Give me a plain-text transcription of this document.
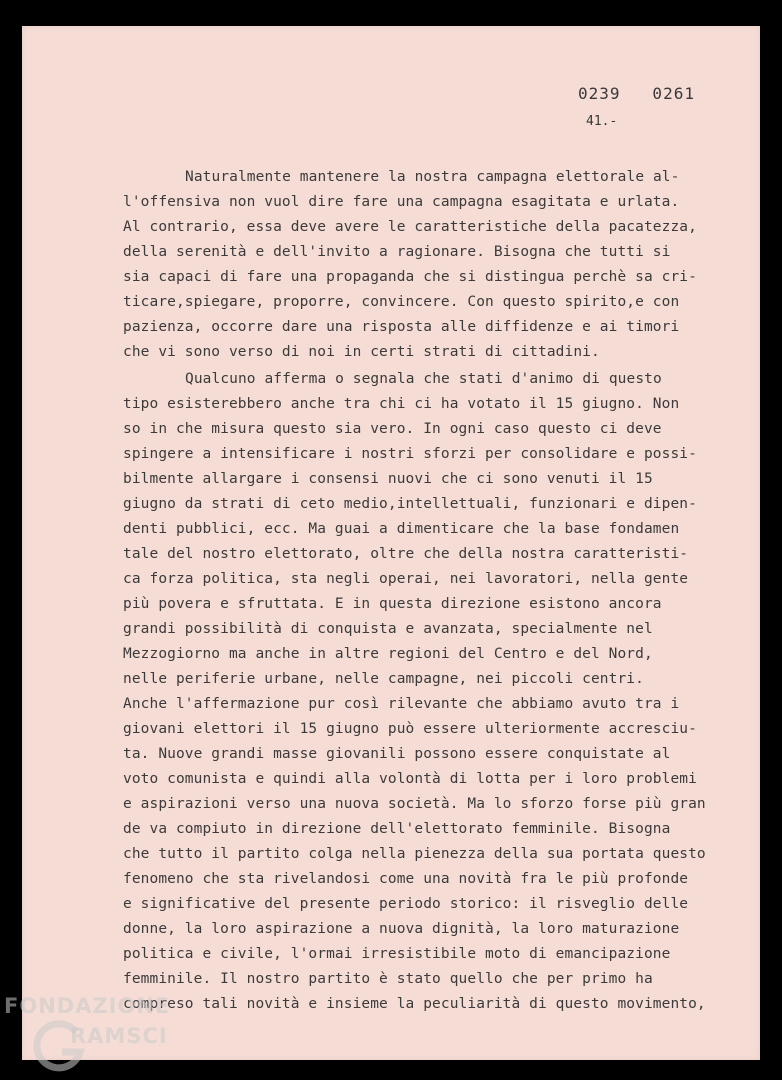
0239   0261
41.-
Naturalmente mantenere la nostra campagna elettorale al-
l'offensiva non vuol dire fare una campagna esagitata e urlata.
Al contrario, essa deve avere le caratteristiche della pacatezza,
della serenità e dell'invito a ragionare. Bisogna che tutti si
sia capaci di fare una propaganda che si distingua perchè sa cri-
ticare,spiegare, proporre, convincere. Con questo spirito,e con
pazienza, occorre dare una risposta alle diffidenze e ai timori
che vi sono verso di noi in certi strati di cittadini.
Qualcuno afferma o segnala che stati d'animo di questo
tipo esisterebbero anche tra chi ci ha votato il 15 giugno. Non
so in che misura questo sia vero. In ogni caso questo ci deve
spingere a intensificare i nostri sforzi per consolidare e possi-
bilmente allargare i consensi nuovi che ci sono venuti il 15
giugno da strati di ceto medio,intellettuali, funzionari e dipen-
denti pubblici, ecc. Ma guai a dimenticare che la base fondamen
tale del nostro elettorato, oltre che della nostra caratteristi-
ca forza politica, sta negli operai, nei lavoratori, nella gente
più povera e sfruttata. E in questa direzione esistono ancora
grandi possibilità di conquista e avanzata, specialmente nel
Mezzogiorno ma anche in altre regioni del Centro e del Nord,
nelle periferie urbane, nelle campagne, nei piccoli centri.
Anche l'affermazione pur così rilevante che abbiamo avuto tra i
giovani elettori il 15 giugno può essere ulteriormente accresciu-
ta. Nuove grandi masse giovanili possono essere conquistate al
voto comunista e quindi alla volontà di lotta per i loro problemi
e aspirazioni verso una nuova società. Ma lo sforzo forse più gran
de va compiuto in direzione dell'elettorato femminile. Bisogna
che tutto il partito colga nella pienezza della sua portata questo
fenomeno che sta rivelandosi come una novità fra le più profonde
e significative del presente periodo storico: il risveglio delle
donne, la loro aspirazione a nuova dignità, la loro maturazione
politica e civile, l'ormai irresistibile moto di emancipazione
femminile. Il nostro partito è stato quello che per primo ha
compreso tali novità e insieme la peculiarità di questo movimento,
FONDAZIONE
RAMSCI
